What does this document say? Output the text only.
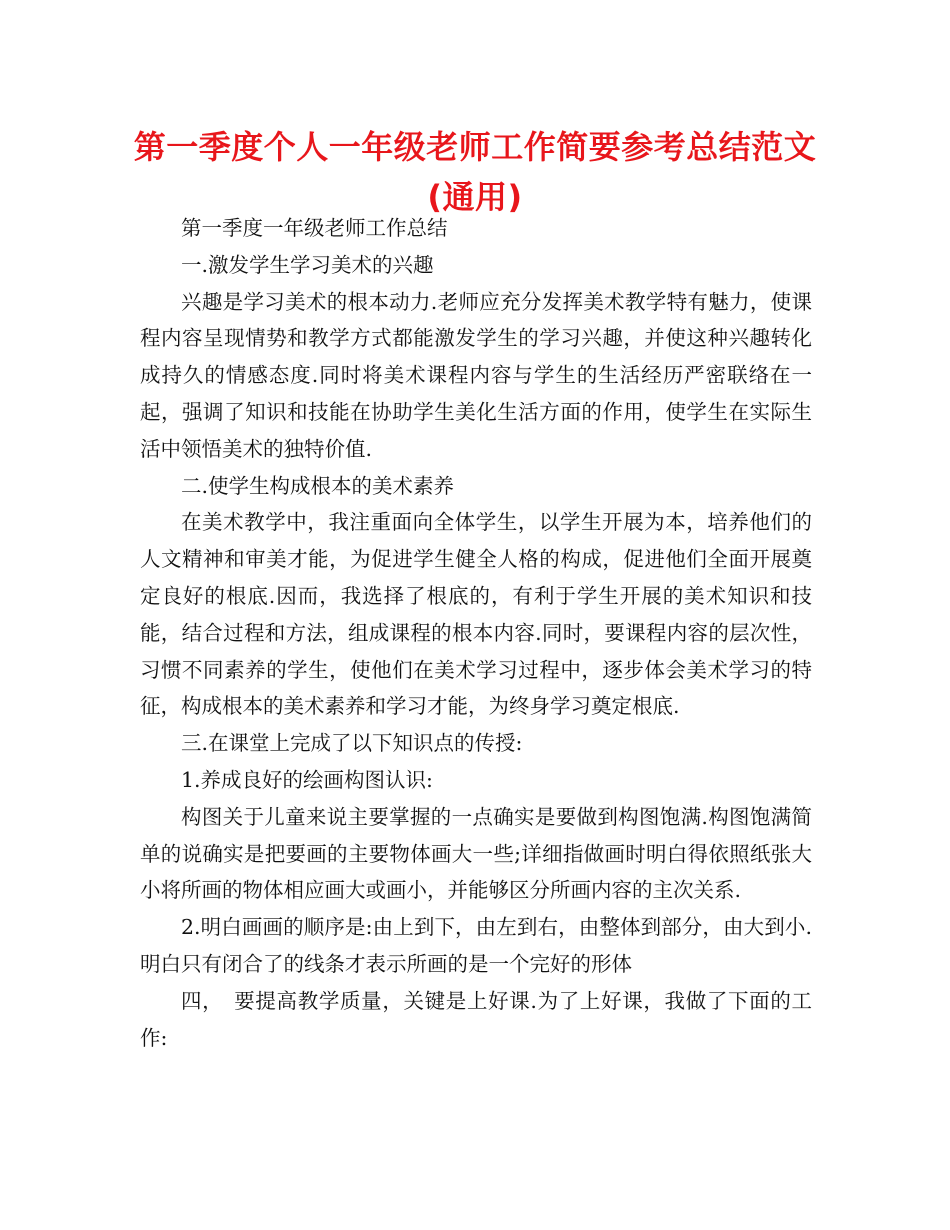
第一季度个人一年级老师工作简要参考总结范文
(通用)

第一季度一年级老师工作总结

一.激发学生学习美术的兴趣

兴趣是学习美术的根本动力.老师应充分发挥美术教学特有魅力，使课程内容呈现情势和教学方式都能激发学生的学习兴趣，并使这种兴趣转化成持久的情感态度.同时将美术课程内容与学生的生活经历严密联络在一起，强调了知识和技能在协助学生美化生活方面的作用，使学生在实际生活中领悟美术的独特价值.

二.使学生构成根本的美术素养

在美术教学中，我注重面向全体学生，以学生开展为本，培养他们的人文精神和审美才能，为促进学生健全人格的构成，促进他们全面开展奠定良好的根底.因而，我选择了根底的，有利于学生开展的美术知识和技能，结合过程和方法，组成课程的根本内容.同时，要课程内容的层次性，习惯不同素养的学生，使他们在美术学习过程中，逐步体会美术学习的特征，构成根本的美术素养和学习才能，为终身学习奠定根底.

三.在课堂上完成了以下知识点的传授:

1.养成良好的绘画构图认识:

构图关于儿童来说主要掌握的一点确实是要做到构图饱满.构图饱满简单的说确实是把要画的主要物体画大一些;详细指做画时明白得依照纸张大小将所画的物体相应画大或画小，并能够区分所画内容的主次关系.

2.明白画画的顺序是:由上到下，由左到右，由整体到部分，由大到小.明白只有闭合了的线条才表示所画的是一个完好的形体

四，　要提高教学质量，关键是上好课.为了上好课，我做了下面的工作:
